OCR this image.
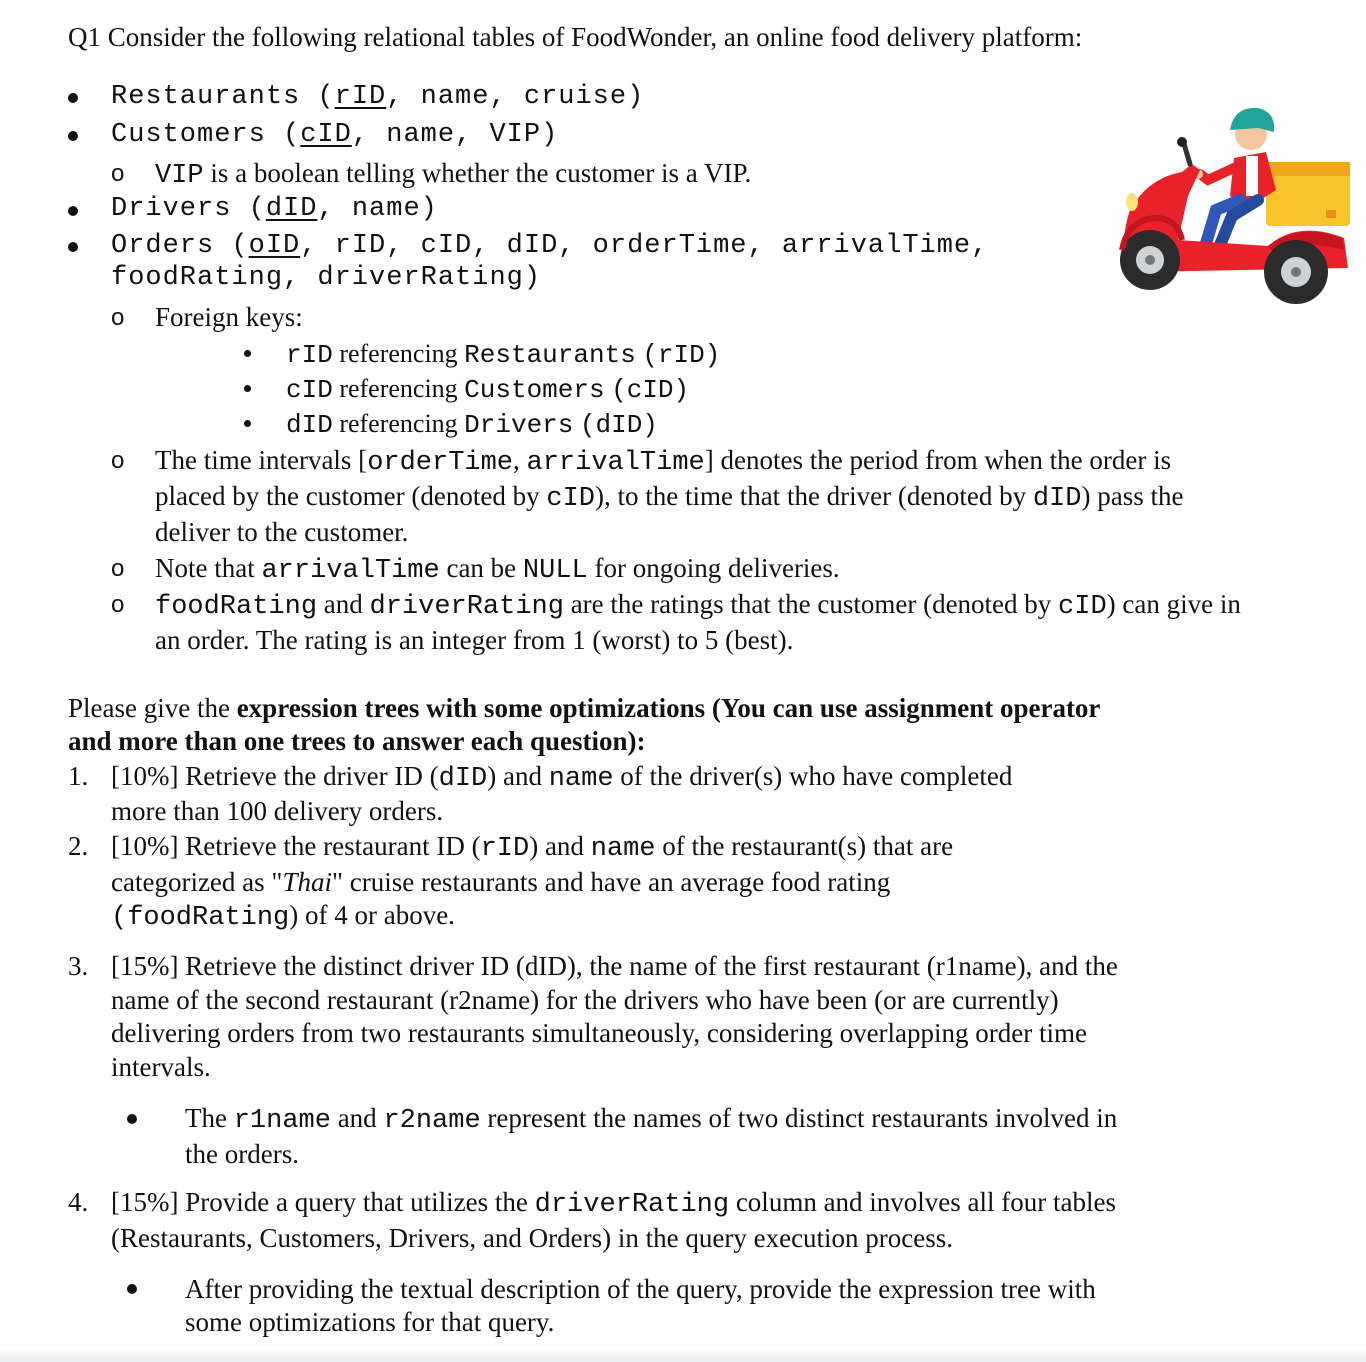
Q1 Consider the following relational tables of FoodWonder, an online food delivery platform:
Restaurants (rID, name, cruise)
Customers (cID, name, VIP)
o VIP is a boolean telling whether the customer is a VIP.
Drivers (dID, name)
Orders (oID, rID, cID, dID, orderTime, arrivalTime,
foodRating, driverRating)
o Foreign keys:
rID referencing Restaurants (rID)
cID referencing Customers (cID)
dID referencing Drivers (dID)
o The time intervals [orderTime, arrivalTime] denotes the period from when the order is
placed by the customer (denoted by cID), to the time that the driver (denoted by dID) pass the
deliver to the customer.
o Note that arrivalTime can be NULL for ongoing deliveries.
o foodRating and driverRating are the ratings that the customer (denoted by cID) can give in
an order. The rating is an integer from 1 (worst) to 5 (best).
Please give the expression trees with some optimizations (You can use assignment operator
and more than one trees to answer each question):
1. [10%] Retrieve the driver ID (dID) and name of the driver(s) who have completed
more than 100 delivery orders.
2. [10%] Retrieve the restaurant ID (rID) and name of the restaurant(s) that are
categorized as "Thai" cruise restaurants and have an average food rating
(foodRating) of 4 or above.
3. [15%] Retrieve the distinct driver ID (dID), the name of the first restaurant (r1name), and the
name of the second restaurant (r2name) for the drivers who have been (or are currently)
delivering orders from two restaurants simultaneously, considering overlapping order time
intervals.
The r1name and r2name represent the names of two distinct restaurants involved in
the orders.
4. [15%] Provide a query that utilizes the driverRating column and involves all four tables
(Restaurants, Customers, Drivers, and Orders) in the query execution process.
After providing the textual description of the query, provide the expression tree with
some optimizations for that query.
